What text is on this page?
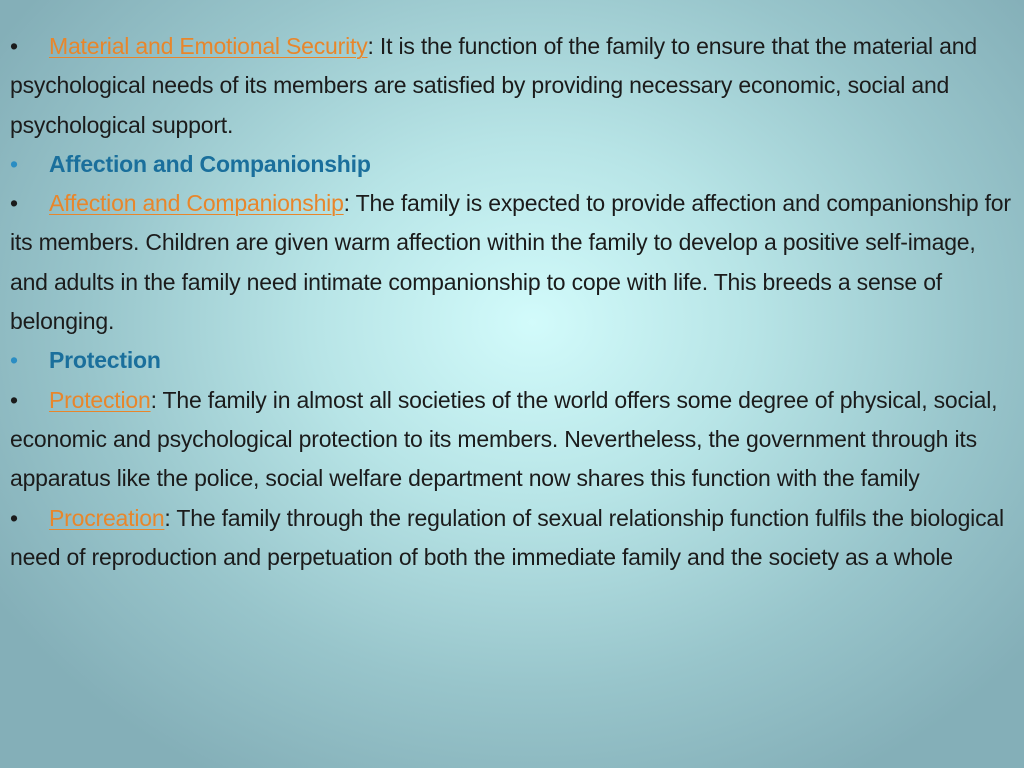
• Material and Emotional Security: It is the function of the family to ensure that the material and psychological needs of its members are satisfied by providing necessary economic, social and psychological support.

• Affection and Companionship

• Affection and Companionship: The family is expected to provide affection and companionship for its members. Children are given warm affection within the family to develop a positive self-image, and adults in the family need intimate companionship to cope with life. This breeds a sense of belonging.

• Protection

• Protection: The family in almost all societies of the world offers some degree of physical, social, economic and psychological protection to its members. Nevertheless, the government through its apparatus like the police, social welfare department now shares this function with the family

• Procreation: The family through the regulation of sexual relationship function fulfils the biological need of reproduction and perpetuation of both the immediate family and the society as a whole
